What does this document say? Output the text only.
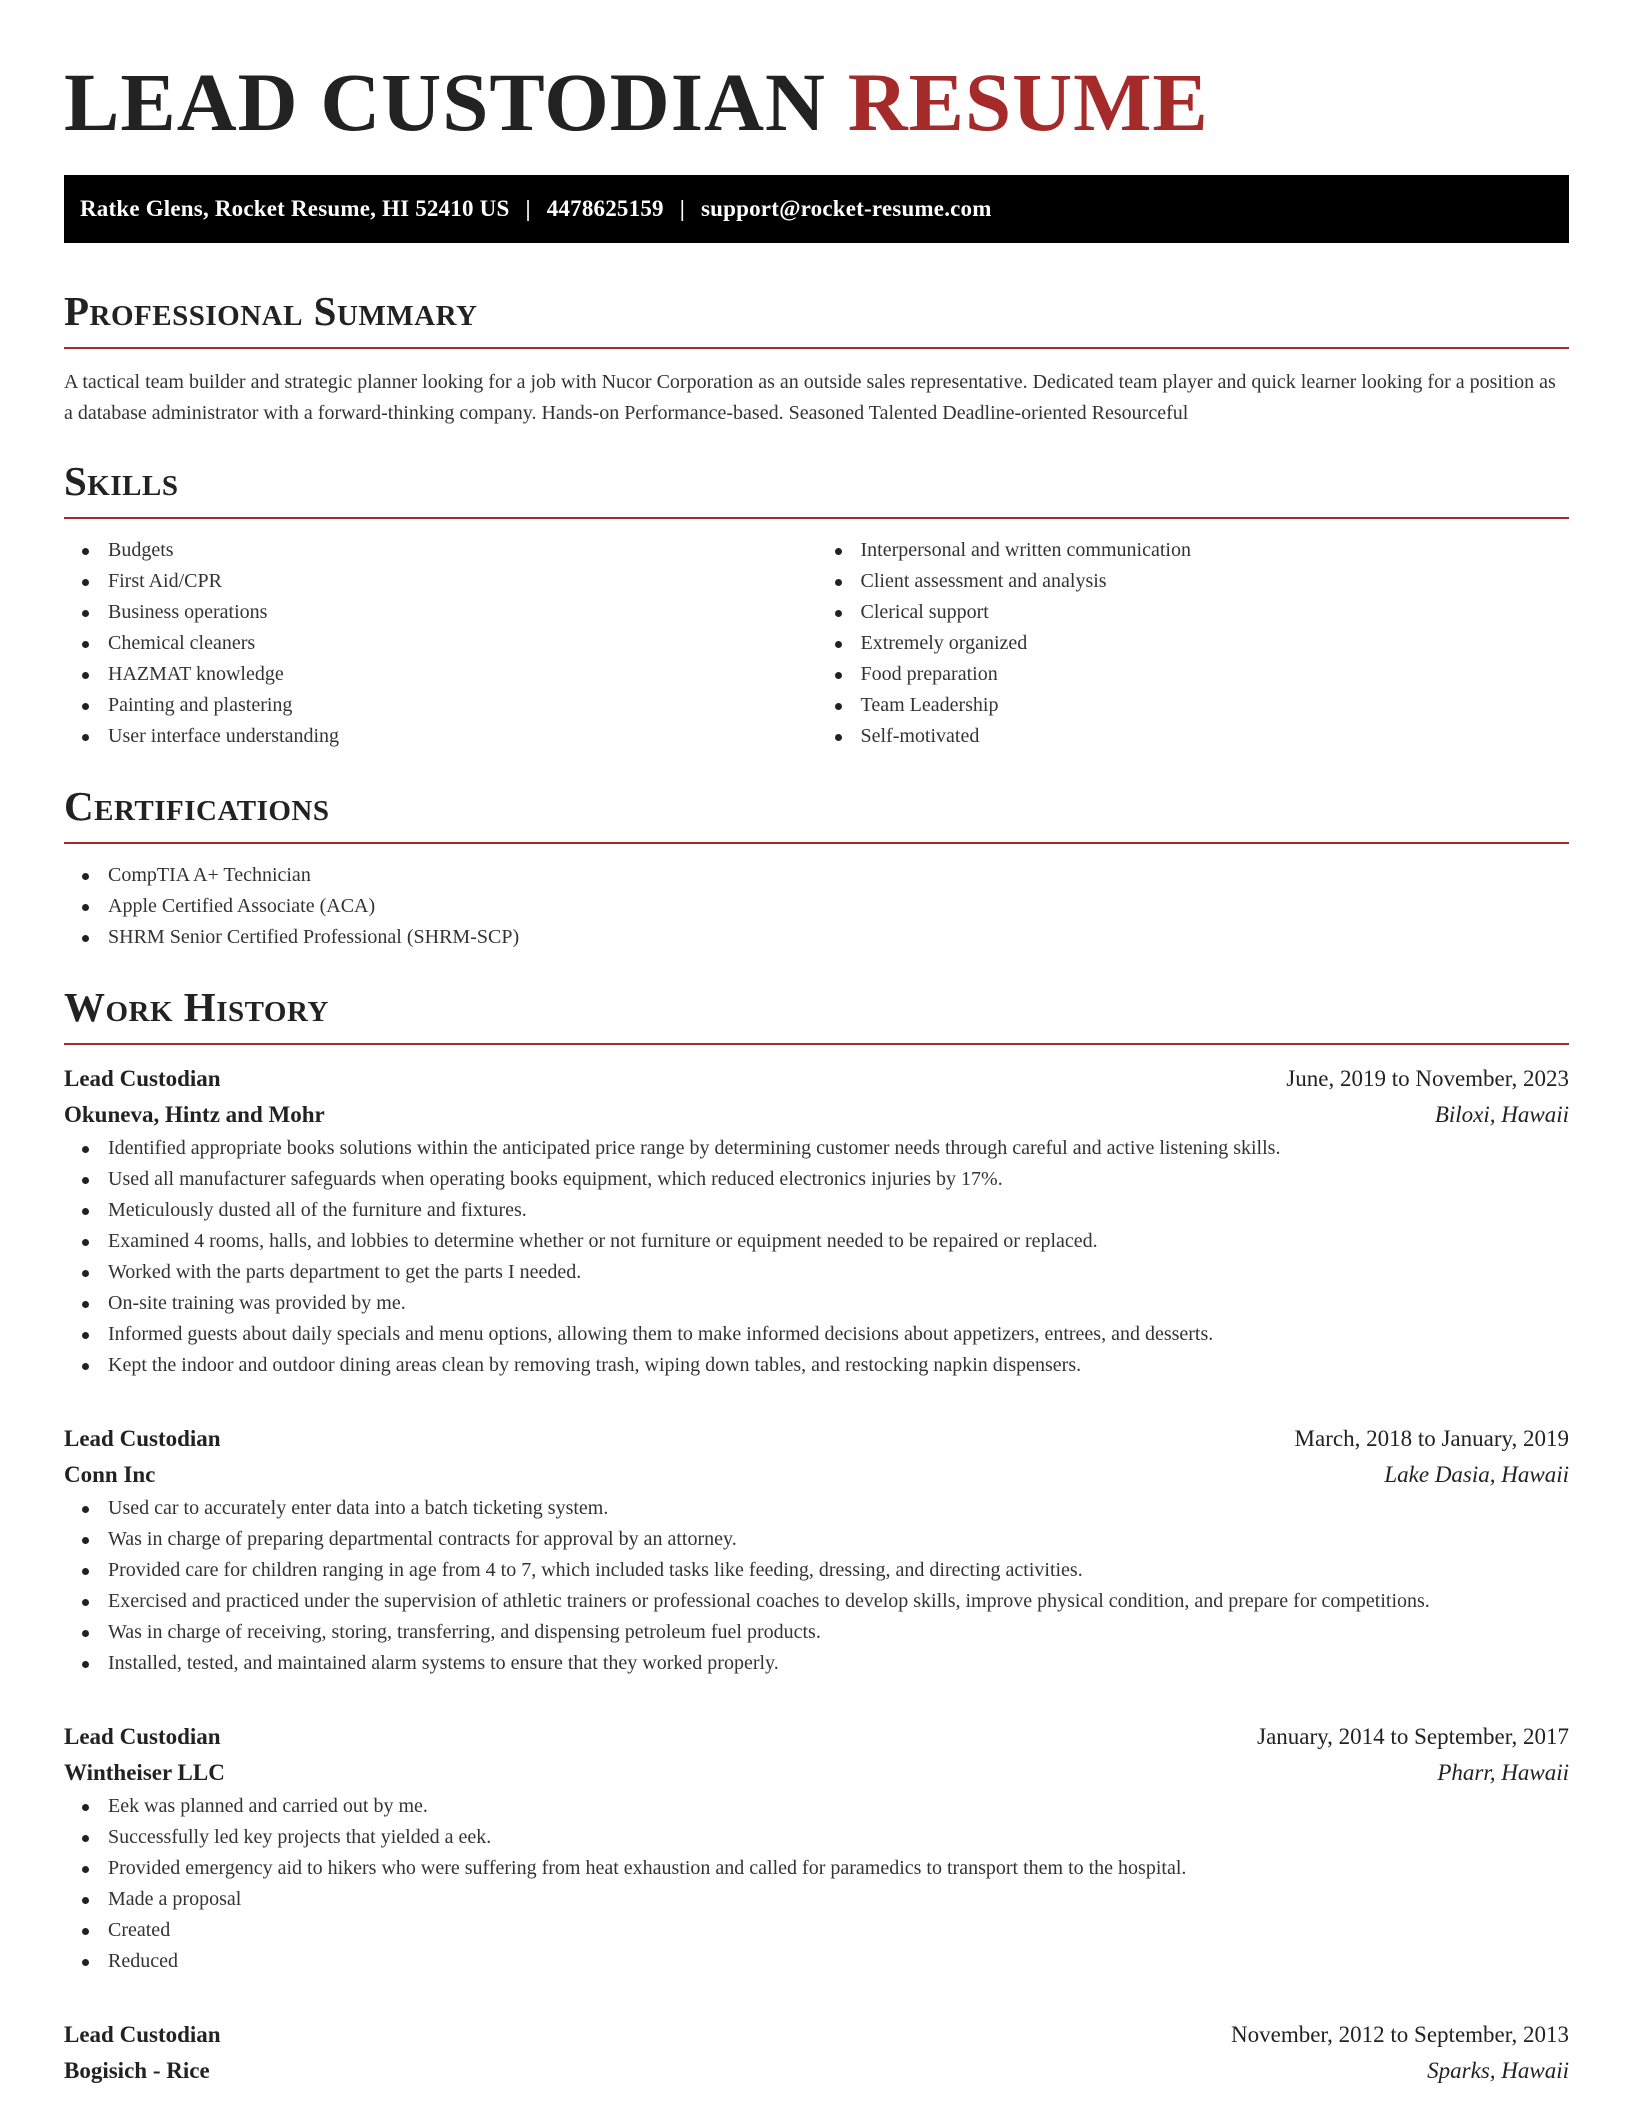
LEAD CUSTODIAN RESUME
Ratke Glens, Rocket Resume, HI 52410 US | 4478625159 | support@rocket-resume.com
Professional Summary

A tactical team builder and strategic planner looking for a job with Nucor Corporation as an outside sales representative. Dedicated team player and quick learner looking for a position as a database administrator with a forward-thinking company. Hands-on Performance-based. Seasoned Talented Deadline-oriented Resourceful

Skills
Budgets
First Aid/CPR
Business operations
Chemical cleaners
HAZMAT knowledge
Painting and plastering
User interface understanding
Interpersonal and written communication
Client assessment and analysis
Clerical support
Extremely organized
Food preparation
Team Leadership
Self-motivated
Certifications
CompTIA A+ Technician
Apple Certified Associate (ACA)
SHRM Senior Certified Professional (SHRM-SCP)
Work History
Lead Custodian	June, 2019 to November, 2023
Okuneva, Hintz and Mohr	Biloxi, Hawaii
Identified appropriate books solutions within the anticipated price range by determining customer needs through careful and active listening skills.
Used all manufacturer safeguards when operating books equipment, which reduced electronics injuries by 17%.
Meticulously dusted all of the furniture and fixtures.
Examined 4 rooms, halls, and lobbies to determine whether or not furniture or equipment needed to be repaired or replaced.
Worked with the parts department to get the parts I needed.
On-site training was provided by me.
Informed guests about daily specials and menu options, allowing them to make informed decisions about appetizers, entrees, and desserts.
Kept the indoor and outdoor dining areas clean by removing trash, wiping down tables, and restocking napkin dispensers.
Lead Custodian	March, 2018 to January, 2019
Conn Inc	Lake Dasia, Hawaii
Used car to accurately enter data into a batch ticketing system.
Was in charge of preparing departmental contracts for approval by an attorney.
Provided care for children ranging in age from 4 to 7, which included tasks like feeding, dressing, and directing activities.
Exercised and practiced under the supervision of athletic trainers or professional coaches to develop skills, improve physical condition, and prepare for competitions.
Was in charge of receiving, storing, transferring, and dispensing petroleum fuel products.
Installed, tested, and maintained alarm systems to ensure that they worked properly.
Lead Custodian	January, 2014 to September, 2017
Wintheiser LLC	Pharr, Hawaii
Eek was planned and carried out by me.
Successfully led key projects that yielded a eek.
Provided emergency aid to hikers who were suffering from heat exhaustion and called for paramedics to transport them to the hospital.
Made a proposal
Created
Reduced
Lead Custodian	November, 2012 to September, 2013
Bogisich - Rice	Sparks, Hawaii
